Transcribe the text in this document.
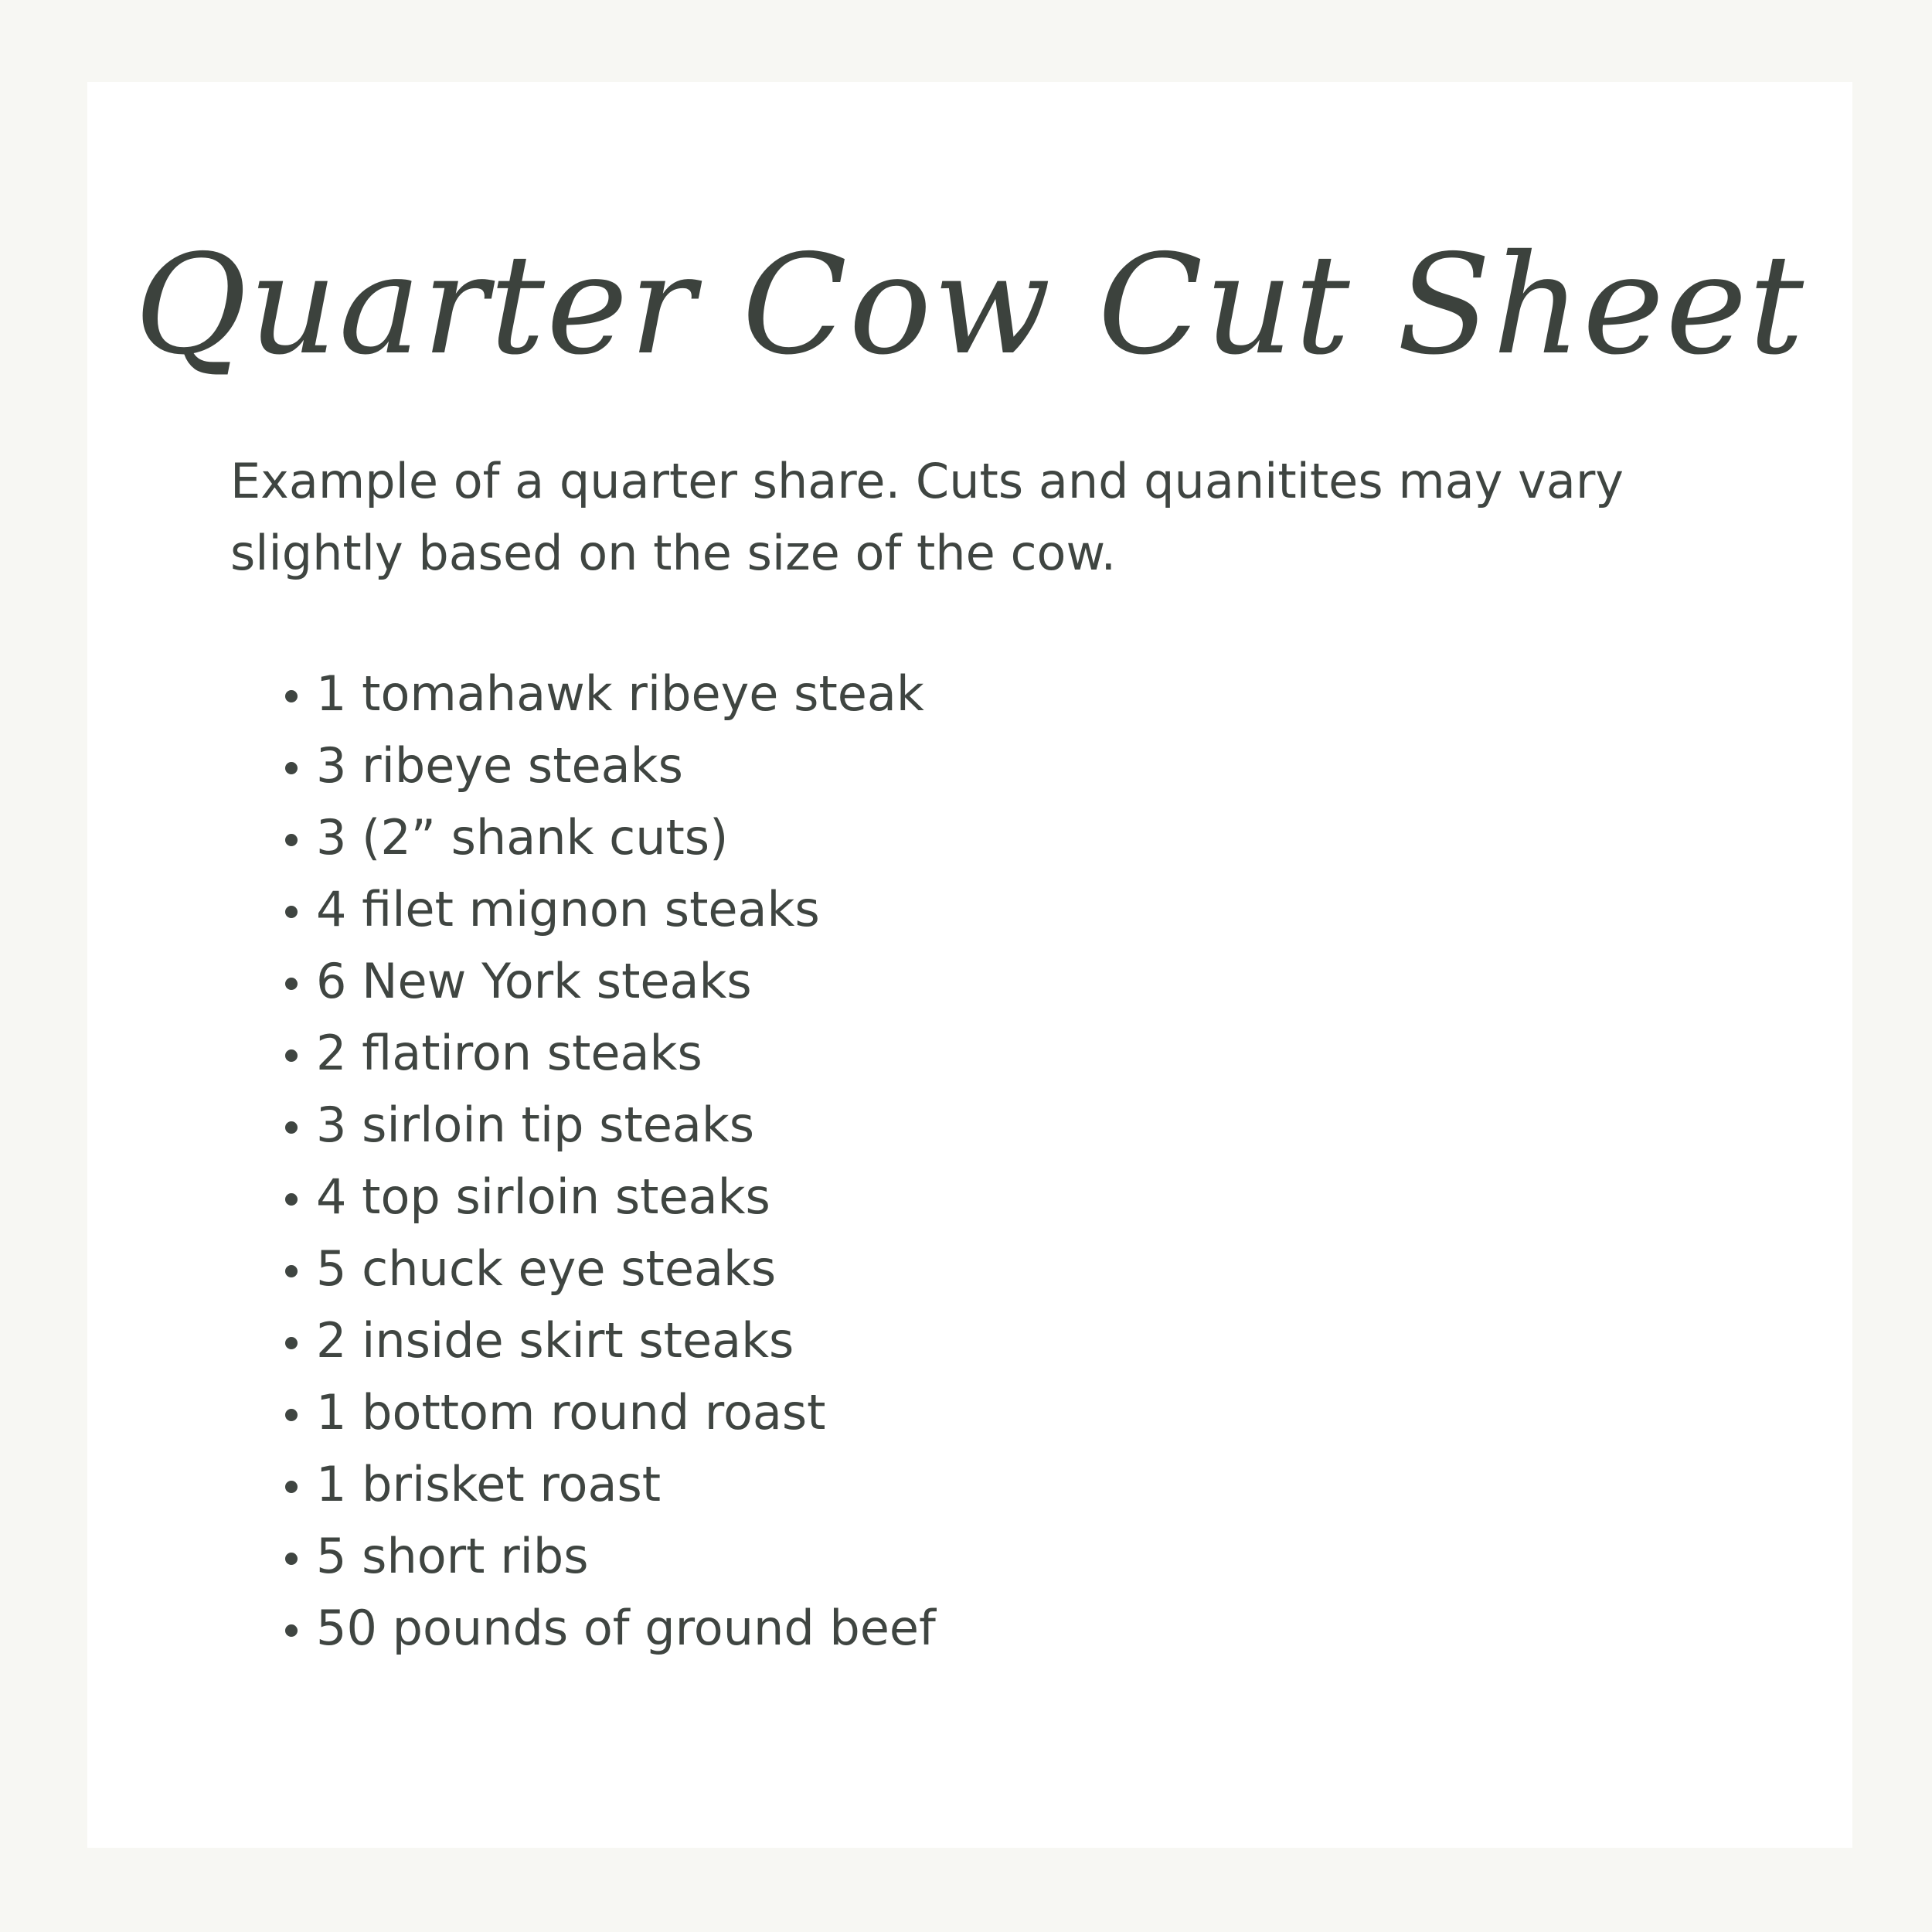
Quarter Cow Cut Sheet

Example of a quarter share. Cuts and quanitites may vary slightly based on the size of the cow.

1 tomahawk ribeye steak
3 ribeye steaks
3 (2” shank cuts)
4 filet mignon steaks
6 New York steaks
2 flatiron steaks
3 sirloin tip steaks
4 top sirloin steaks
5 chuck eye steaks
2 inside skirt steaks
1 bottom round roast
1 brisket roast
5 short ribs
50 pounds of ground beef
